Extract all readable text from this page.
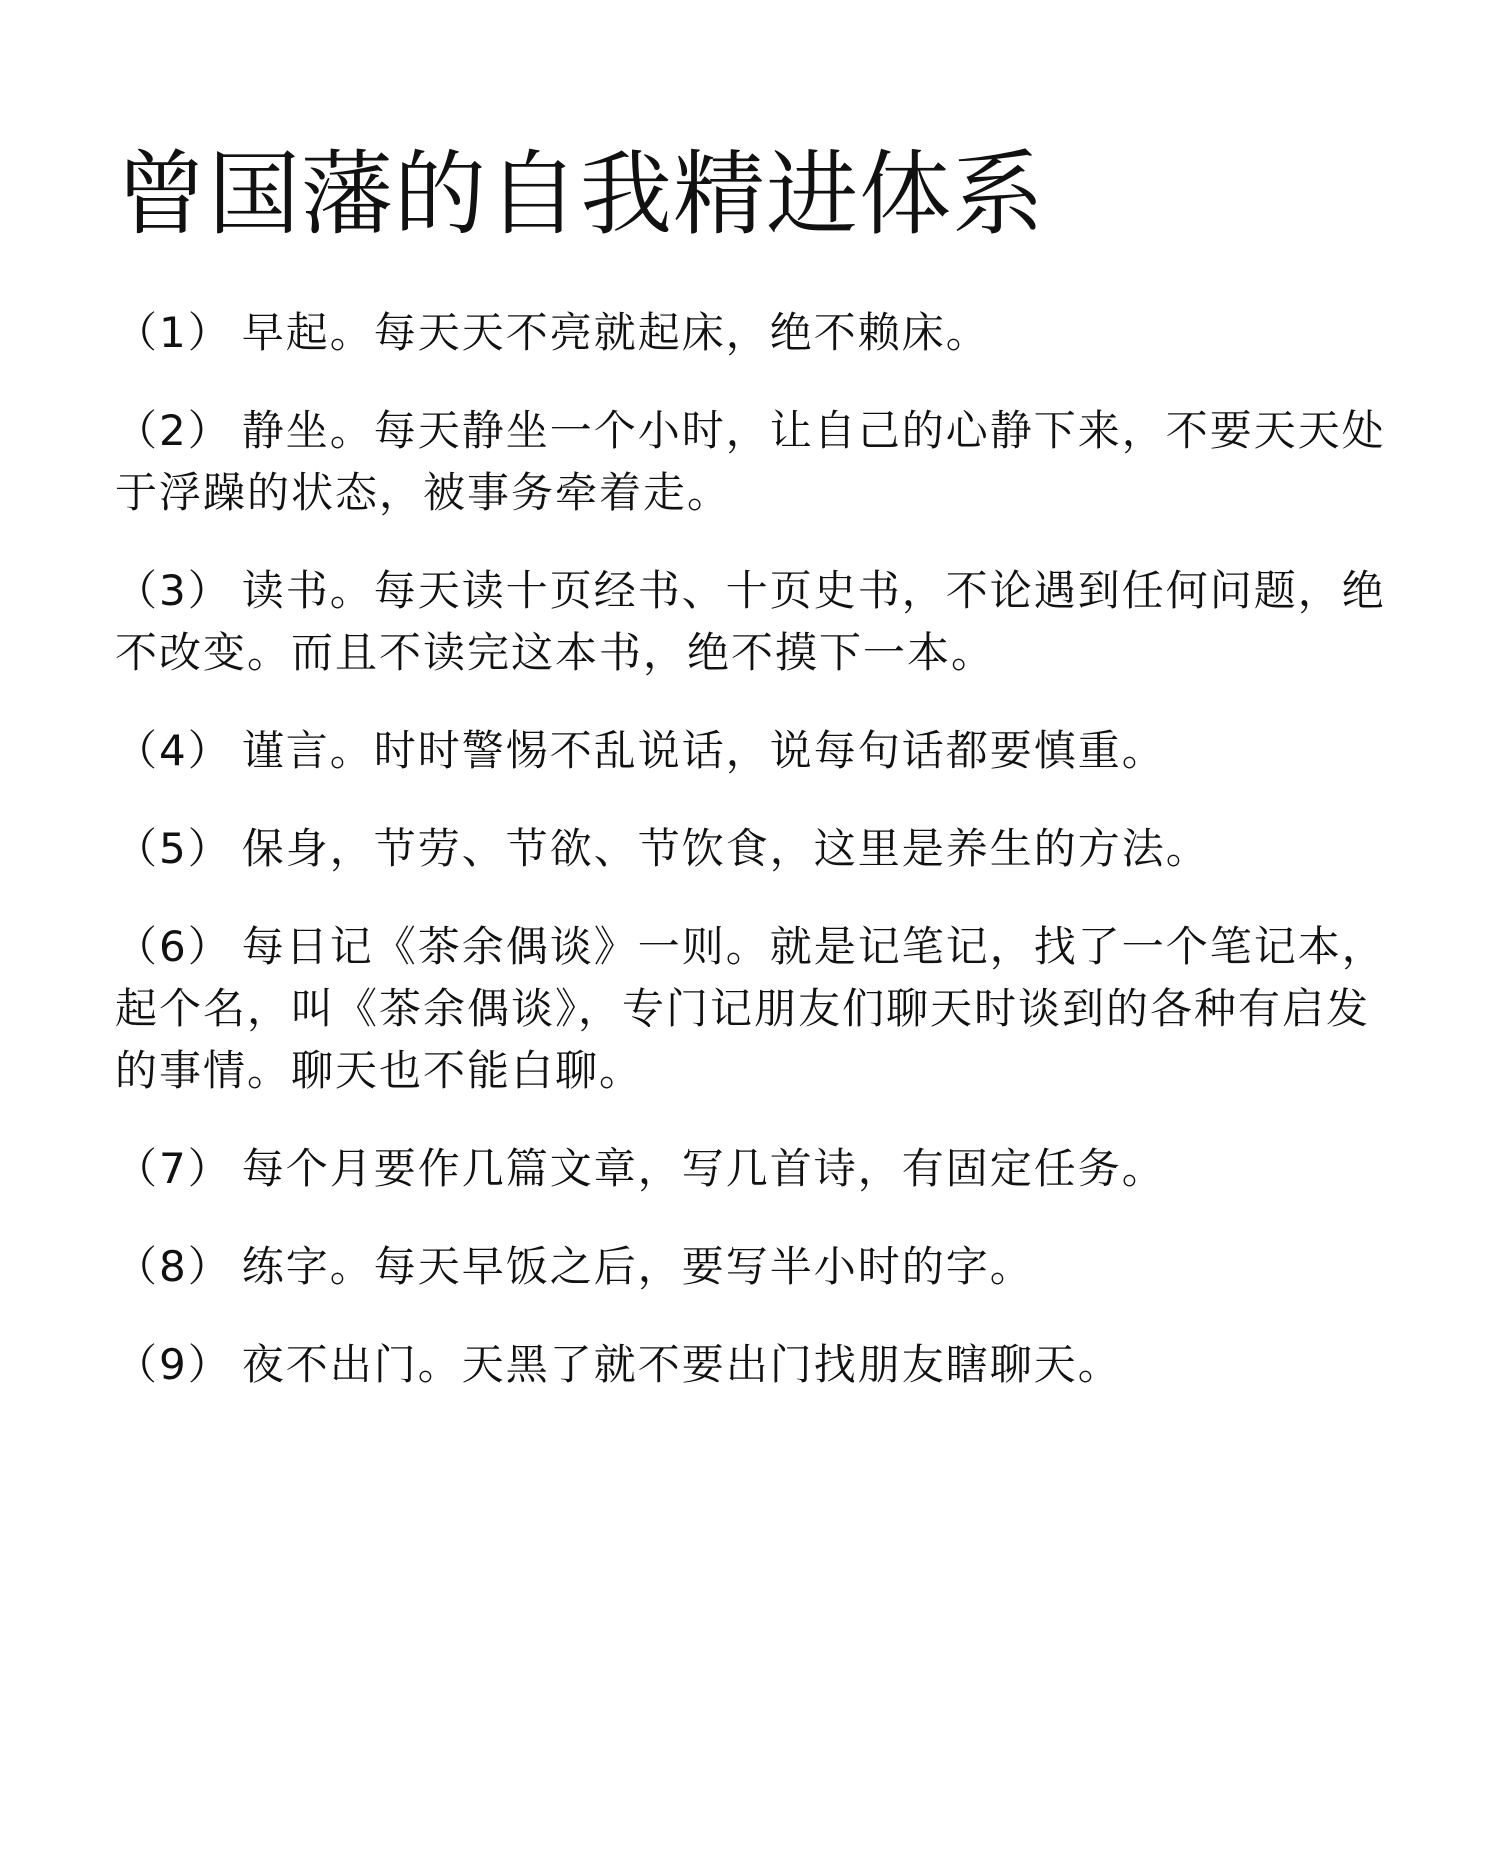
曾国藩的自我精进体系
（1） 早起。每天天不亮就起床，绝不赖床。
（2） 静坐。每天静坐一个小时，让自己的心静下来，不要天天处于浮躁的状态，被事务牵着走。
（3） 读书。每天读十页经书、十页史书，不论遇到任何问题，绝不改变。而且不读完这本书，绝不摸下一本。
（4） 谨言。时时警惕不乱说话，说每句话都要慎重。
（5） 保身，节劳、节欲、节饮食，这里是养生的方法。
（6） 每日记《茶余偶谈》一则。就是记笔记，找了一个笔记本，起个名，叫《茶余偶谈》，专门记朋友们聊天时谈到的各种有启发的事情。聊天也不能白聊。
（7） 每个月要作几篇文章，写几首诗，有固定任务。
（8） 练字。每天早饭之后，要写半小时的字。
（9） 夜不出门。天黑了就不要出门找朋友瞎聊天。
